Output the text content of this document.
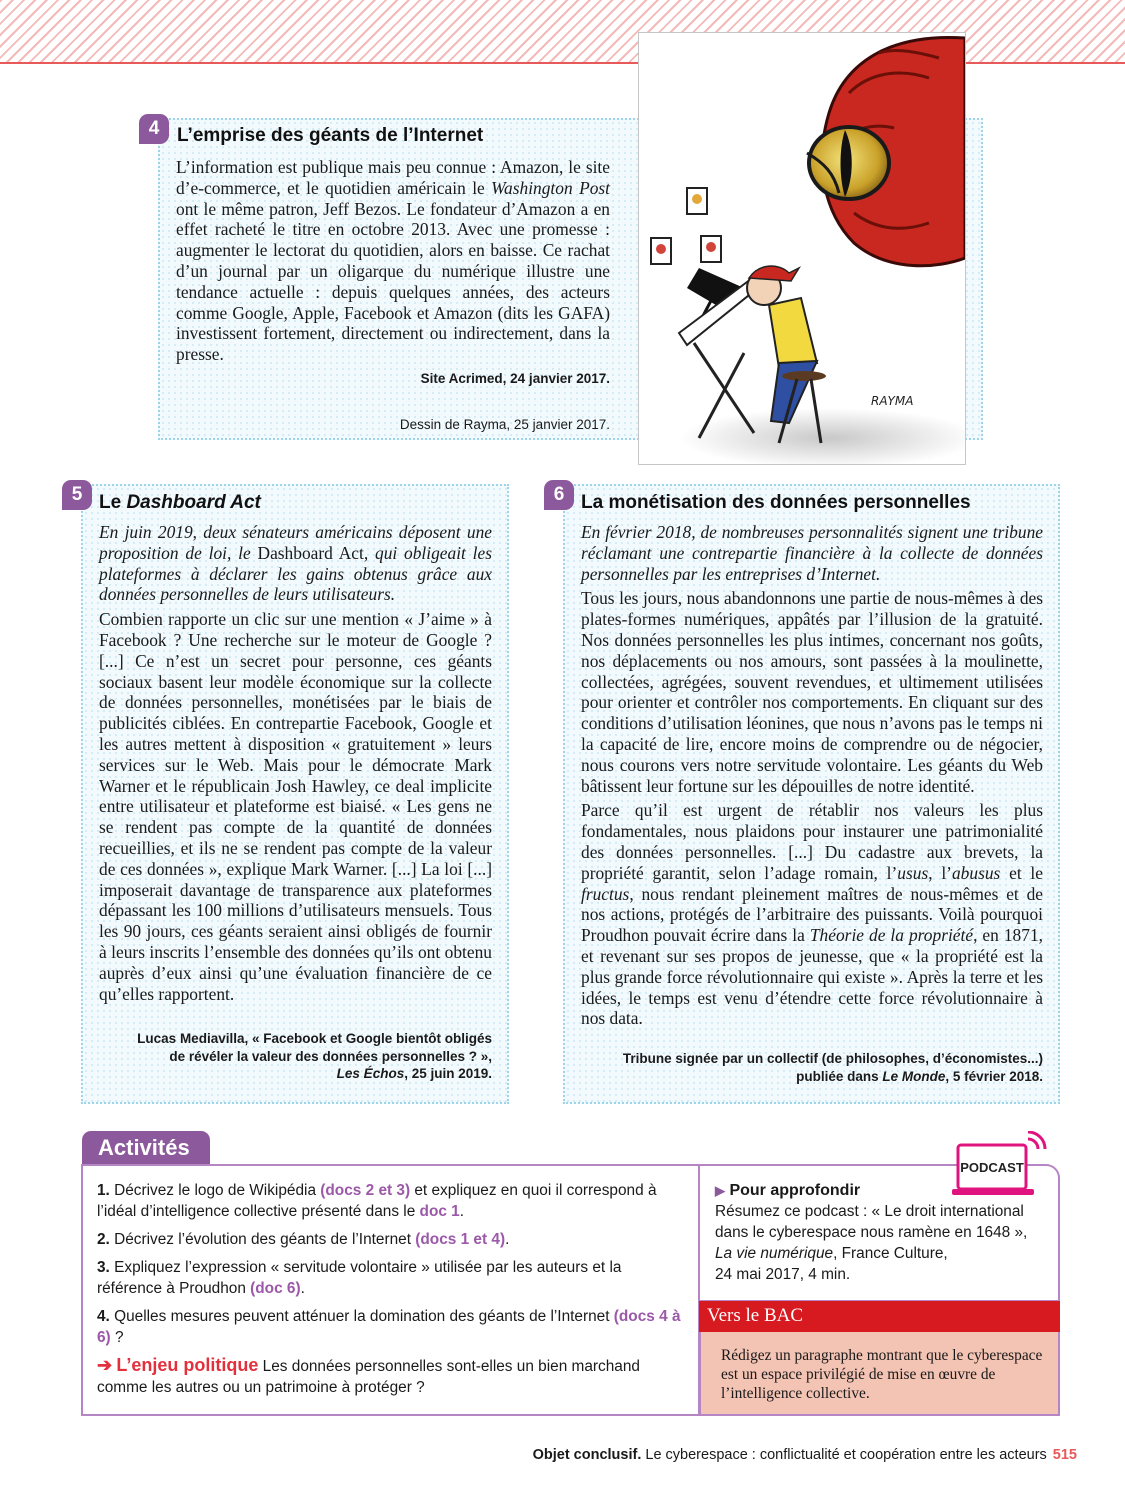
4 L’emprise des géants de l’Internet
L’information est publique mais peu connue : Amazon, le site d’e-commerce, et le quotidien américain le Washington Post ont le même patron, Jeff Bezos. Le fondateur d’Amazon a en effet racheté le titre en octobre 2013. Avec une promesse : augmenter le lectorat du quotidien, alors en baisse. Ce rachat d’un journal par un oligarque du numérique illustre une tendance actuelle : depuis quelques années, des acteurs comme Google, Apple, Facebook et Amazon (dits les GAFA) investissent fortement, directement ou indirectement, dans la presse.
Site Acrimed, 24 janvier 2017.
Dessin de Rayma, 25 janvier 2017.
RAYMA
5 Le Dashboard Act

En juin 2019, deux sénateurs américains déposent une proposition de loi, le Dashboard Act, qui obligeait les plateformes à déclarer les gains obtenus grâce aux données personnelles de leurs utilisateurs.

Combien rapporte un clic sur une mention « J’aime » à Facebook ? Une recherche sur le moteur de Google ? [...] Ce n’est un secret pour personne, ces géants sociaux basent leur modèle économique sur la collecte de données personnelles, monétisées par le biais de publicités ciblées. En contrepartie Facebook, Google et les autres mettent à disposition « gratuitement » leurs services sur le Web. Mais pour le démocrate Mark Warner et le républicain Josh Hawley, ce deal implicite entre utilisateur et plateforme est biaisé. « Les gens ne se rendent pas compte de la quantité de données recueillies, et ils ne se rendent pas compte de la valeur de ces données », explique Mark Warner. [...] La loi [...] imposerait davantage de transparence aux plateformes dépassant les 100 millions d’utilisateurs mensuels. Tous les 90 jours, ces géants seraient ainsi obligés de fournir à leurs inscrits l’ensemble des données qu’ils ont obtenu auprès d’eux ainsi qu’une évaluation financière de ce qu’elles rapportent.

Lucas Mediavilla, « Facebook et Google bientôt obligés
de révéler la valeur des données personnelles ? »,
Les Échos, 25 juin 2019.
6 La monétisation des données personnelles

En février 2018, de nombreuses personnalités signent une tribune réclamant une contrepartie financière à la collecte de données personnelles par les entreprises d’Internet.

Tous les jours, nous abandonnons une partie de nous-mêmes à des plates-formes numériques, appâtés par l’illusion de la gratuité. Nos données personnelles les plus intimes, concernant nos goûts, nos déplacements ou nos amours, sont passées à la moulinette, collectées, agrégées, souvent revendues, et ultimement utilisées pour orienter et contrôler nos comportements. En cliquant sur des conditions d’utilisation léonines, que nous n’avons pas le temps ni la capacité de lire, encore moins de comprendre ou de négocier, nous courons vers notre servitude volontaire. Les géants du Web bâtissent leur fortune sur les dépouilles de notre identité.

Parce qu’il est urgent de rétablir nos valeurs les plus fondamentales, nous plaidons pour instaurer une patrimonialité des données personnelles. [...] Du cadastre aux brevets, la propriété garantit, selon l’adage romain, l’usus, l’abusus et le fructus, nous rendant pleinement maîtres de nous-mêmes et de nos actions, protégés de l’arbitraire des puissants. Voilà pourquoi Proudhon pouvait écrire dans la Théorie de la propriété, en 1871, et revenant sur ses propos de jeunesse, que « la propriété est la plus grande force révolutionnaire qui existe ». Après la terre et les idées, le temps est venu d’étendre cette force révolutionnaire à nos data.

Tribune signée par un collectif (de philosophes, d’économistes...)
publiée dans Le Monde, 5 février 2018.
Activités
1. Décrivez le logo de Wikipédia (docs 2 et 3) et expliquez en quoi il correspond à l’idéal d’intelligence collective présenté dans le doc 1.
2. Décrivez l’évolution des géants de l’Internet (docs 1 et 4).
3. Expliquez l’expression « servitude volontaire » utilisée par les auteurs et la référence à Proudhon (doc 6).
4. Quelles mesures peuvent atténuer la domination des géants de l’Internet (docs 4 à 6) ?
➔ L’enjeu politique Les données personnelles sont-elles un bien marchand comme les autres ou un patrimoine à protéger ?
PODCAST
▶ Pour approfondir
Résumez ce podcast : « Le droit international dans le cyberespace nous ramène en 1648 »,
La vie numérique, France Culture,
24 mai 2017, 4 min.
Vers le BAC
Rédigez un paragraphe montrant que le cyberespace est un espace privilégié de mise en œuvre de l’intelligence collective.
Objet conclusif. Le cyberespace : conflictualité et coopération entre les acteurs 515
